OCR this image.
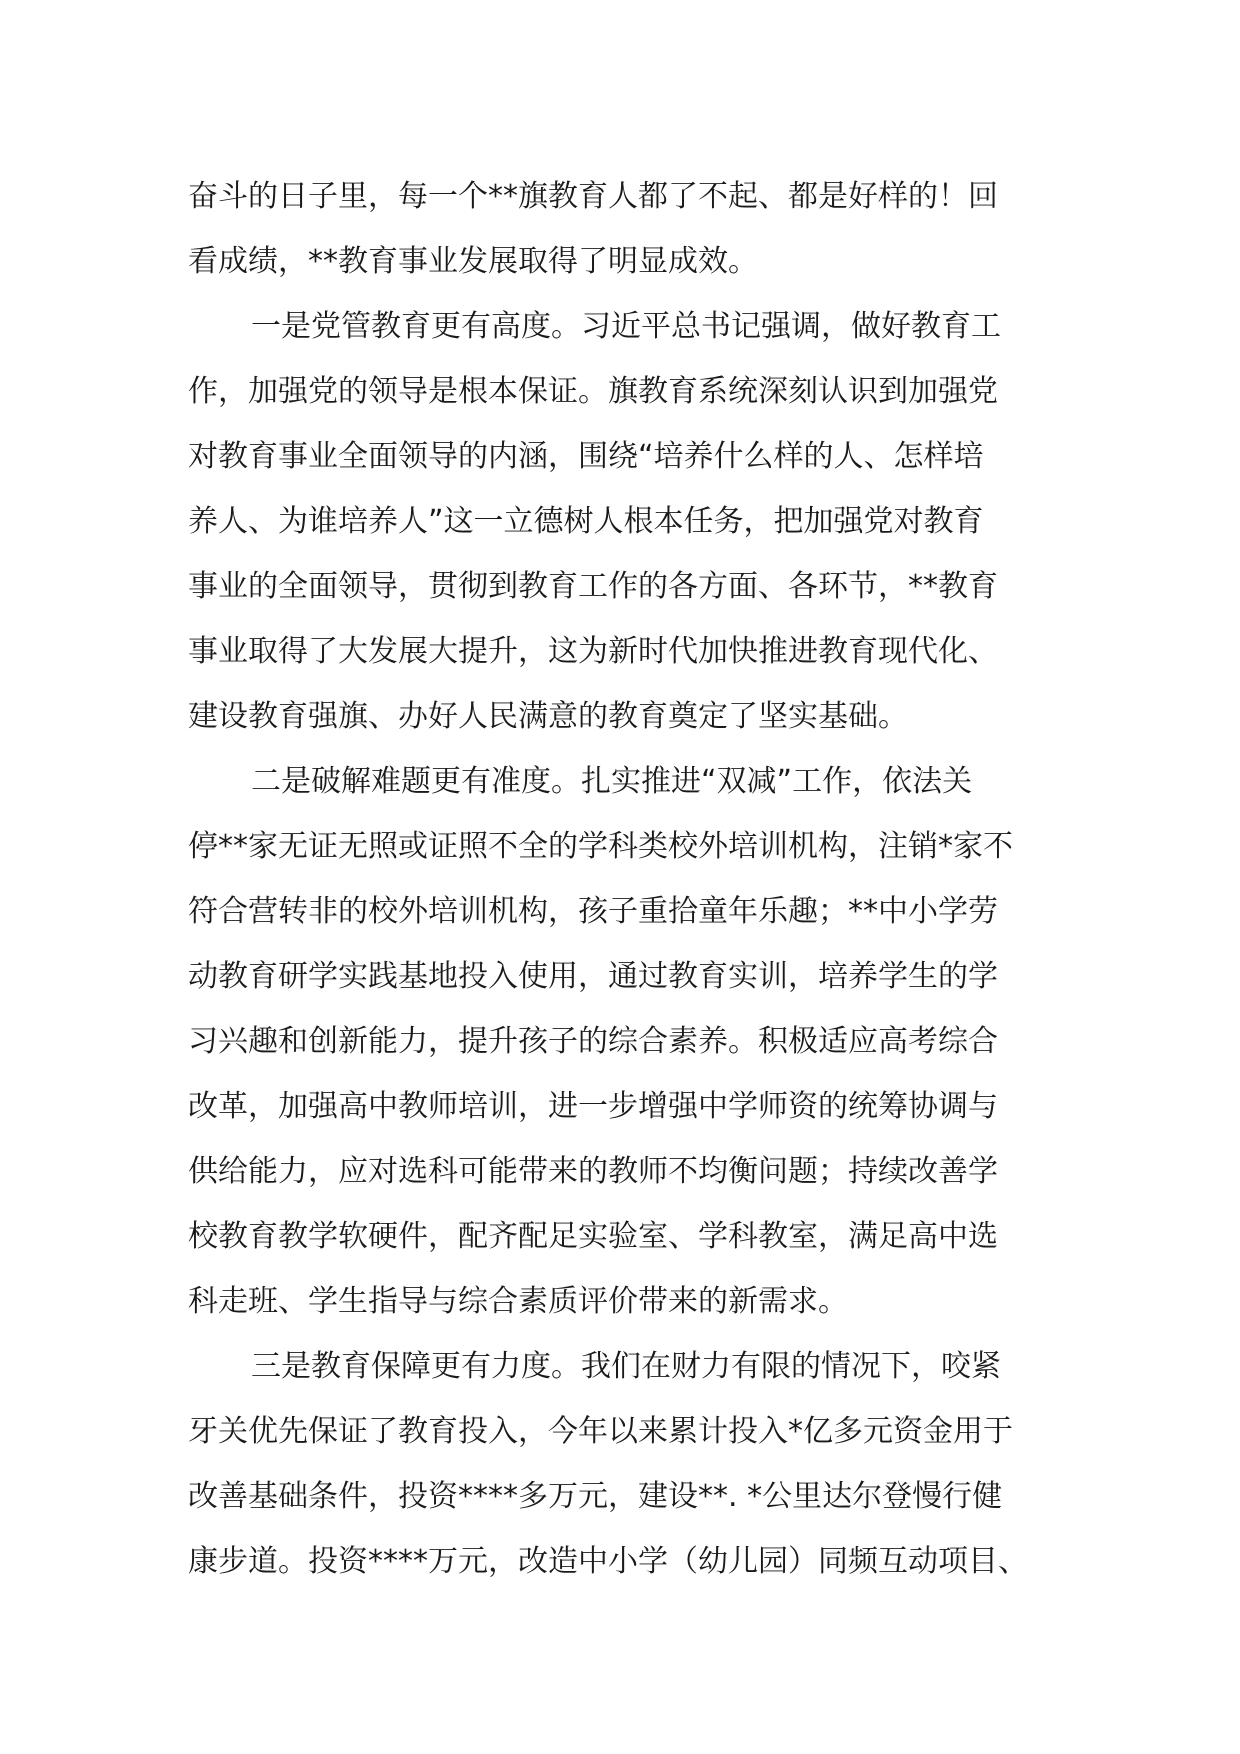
奋斗的日子里，每一个**旗教育人都了不起、都是好样的！回
看成绩，**教育事业发展取得了明显成效。
一是党管教育更有高度。习近平总书记强调，做好教育工
作，加强党的领导是根本保证。旗教育系统深刻认识到加强党
对教育事业全面领导的内涵，围绕“培养什么样的人、怎样培
养人、为谁培养人”这一立德树人根本任务，把加强党对教育
事业的全面领导，贯彻到教育工作的各方面、各环节，**教育
事业取得了大发展大提升，这为新时代加快推进教育现代化、
建设教育强旗、办好人民满意的教育奠定了坚实基础。
二是破解难题更有准度。扎实推进“双减”工作，依法关
停**家无证无照或证照不全的学科类校外培训机构，注销*家不
符合营转非的校外培训机构，孩子重拾童年乐趣；**中小学劳
动教育研学实践基地投入使用，通过教育实训，培养学生的学
习兴趣和创新能力，提升孩子的综合素养。积极适应高考综合
改革，加强高中教师培训，进一步增强中学师资的统筹协调与
供给能力，应对选科可能带来的教师不均衡问题；持续改善学
校教育教学软硬件，配齐配足实验室、学科教室，满足高中选
科走班、学生指导与综合素质评价带来的新需求。
三是教育保障更有力度。我们在财力有限的情况下，咬紧
牙关优先保证了教育投入，今年以来累计投入*亿多元资金用于
改善基础条件，投资****多万元，建设**. *公里达尔登慢行健
康步道。投资****万元，改造中小学（幼儿园）同频互动项目、
